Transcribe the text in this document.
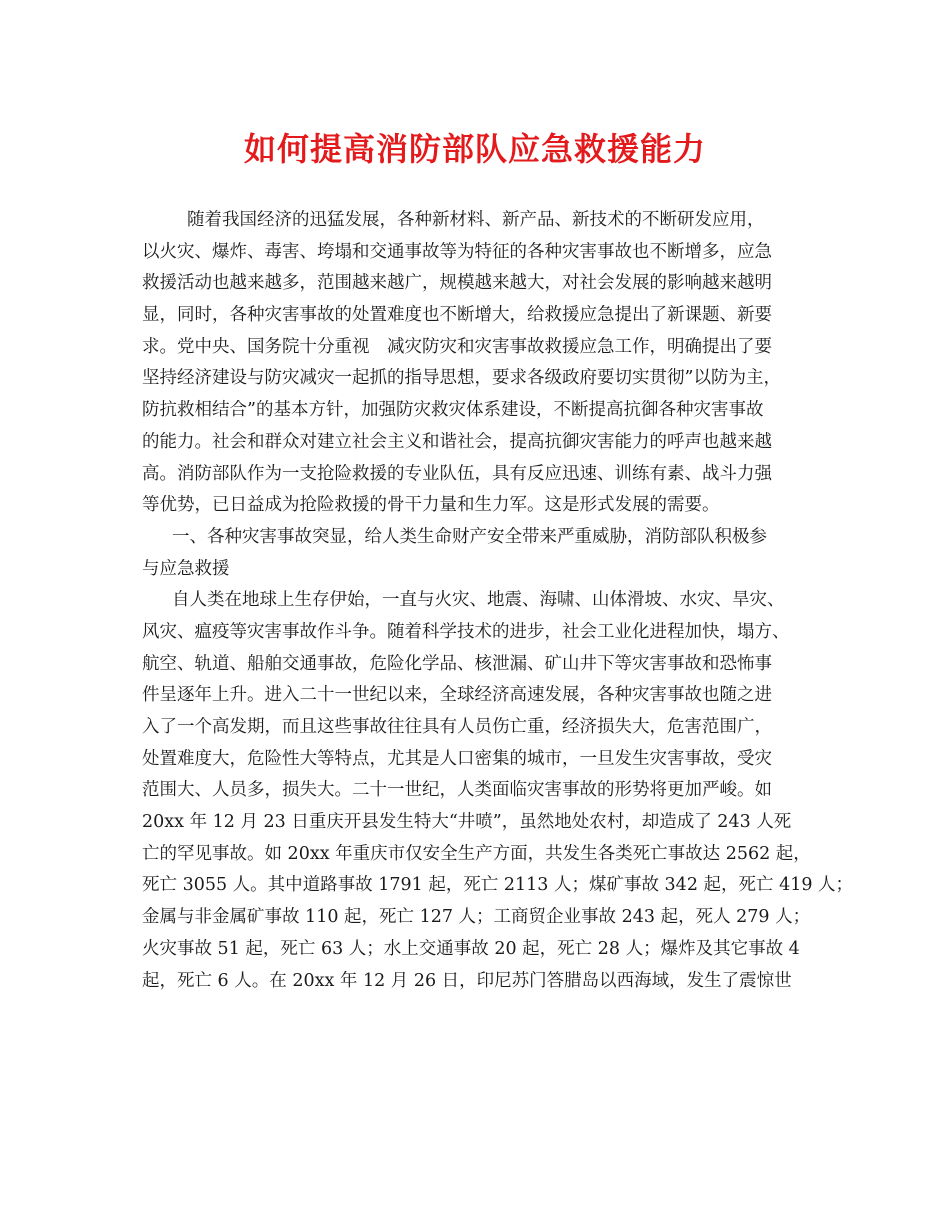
如何提高消防部队应急救援能力
随着我国经济的迅猛发展，各种新材料、新产品、新技术的不断研发应用，
以火灾、爆炸、毒害、垮塌和交通事故等为特征的各种灾害事故也不断增多，应急
救援活动也越来越多，范围越来越广，规模越来越大，对社会发展的影响越来越明
显，同时，各种灾害事故的处置难度也不断增大，给救援应急提出了新课题、新要
求。党中央、国务院十分重视　减灾防灾和灾害事故救援应急工作，明确提出了要
坚持经济建设与防灾减灾一起抓的指导思想，要求各级政府要切实贯彻”以防为主，
防抗救相结合”的基本方针，加强防灾救灾体系建设，不断提高抗御各种灾害事故
的能力。社会和群众对建立社会主义和谐社会，提高抗御灾害能力的呼声也越来越
高。消防部队作为一支抢险救援的专业队伍，具有反应迅速、训练有素、战斗力强
等优势，已日益成为抢险救援的骨干力量和生力军。这是形式发展的需要。
一、各种灾害事故突显，给人类生命财产安全带来严重威胁，消防部队积极参
与应急救援
自人类在地球上生存伊始，一直与火灾、地震、海啸、山体滑坡、水灾、旱灾、
风灾、瘟疫等灾害事故作斗争。随着科学技术的进步，社会工业化进程加快，塌方、
航空、轨道、船舶交通事故，危险化学品、核泄漏、矿山井下等灾害事故和恐怖事
件呈逐年上升。进入二十一世纪以来，全球经济高速发展，各种灾害事故也随之进
入了一个高发期，而且这些事故往往具有人员伤亡重，经济损失大，危害范围广，
处置难度大，危险性大等特点，尤其是人口密集的城市，一旦发生灾害事故，受灾
范围大、人员多，损失大。二十一世纪，人类面临灾害事故的形势将更加严峻。如
20xx 年 12 月 23 日重庆开县发生特大“井喷”，虽然地处农村，却造成了 243 人死
亡的罕见事故。如 20xx 年重庆市仅安全生产方面，共发生各类死亡事故达 2562 起，
死亡 3055 人。其中道路事故 1791 起，死亡 2113 人；煤矿事故 342 起，死亡 419 人；
金属与非金属矿事故 110 起，死亡 127 人；工商贸企业事故 243 起，死人 279 人；
火灾事故 51 起，死亡 63 人；水上交通事故 20 起，死亡 28 人；爆炸及其它事故 4
起，死亡 6 人。在 20xx 年 12 月 26 日，印尼苏门答腊岛以西海域，发生了震惊世
